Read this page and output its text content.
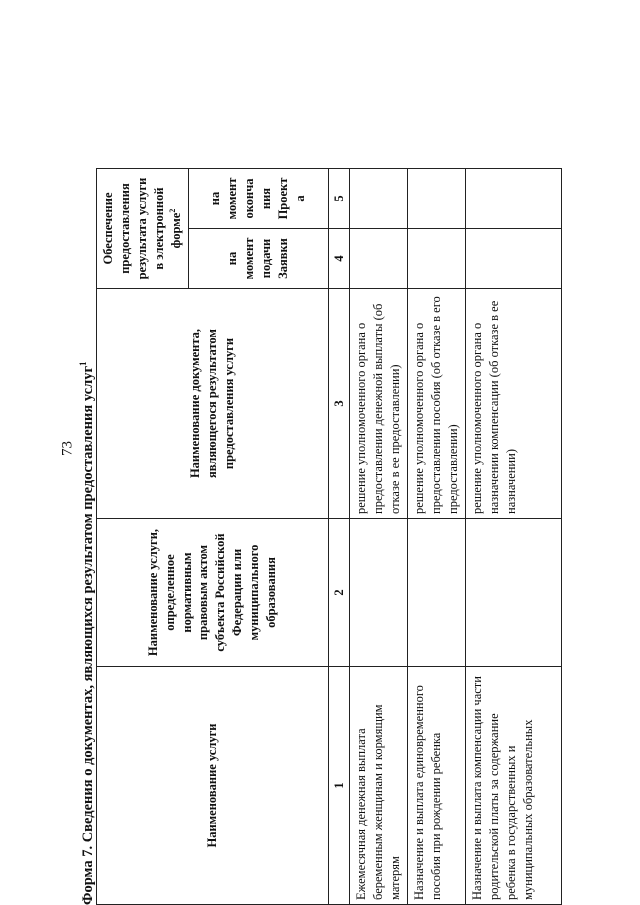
Форма 7. Сведения о документах, являющихся результатом предоставления услуг$^1$
Наименование услуги	Наименование услуги, определенное нормативным правовым актом субъекта Российской Федерации или муниципального образования	Наименование документа, являющегося результатом предоставления услуги	Обеспечение предоставления результата услуги в электронной форме$^2$
			на момент подачи Заявки	на момент оконча ния Проект а
1	2	3	4	5
Ежемесячная денежная выплата беременным женщинам и кормящим матерям		решение уполномоченного органа о предоставлении денежной выплаты (об отказе в ее предоставлении)		
Назначение и выплата единовременного пособия при рождении ребенка		решение уполномоченного органа о предоставлении пособия (об отказе в его предоставлении)		
Назначение и выплата компенсации части родительской платы за содержание ребенка в государственных и муниципальных образовательных		решение уполномоченного органа о назначении компенсации (об отказе в ее назначении)		
73
